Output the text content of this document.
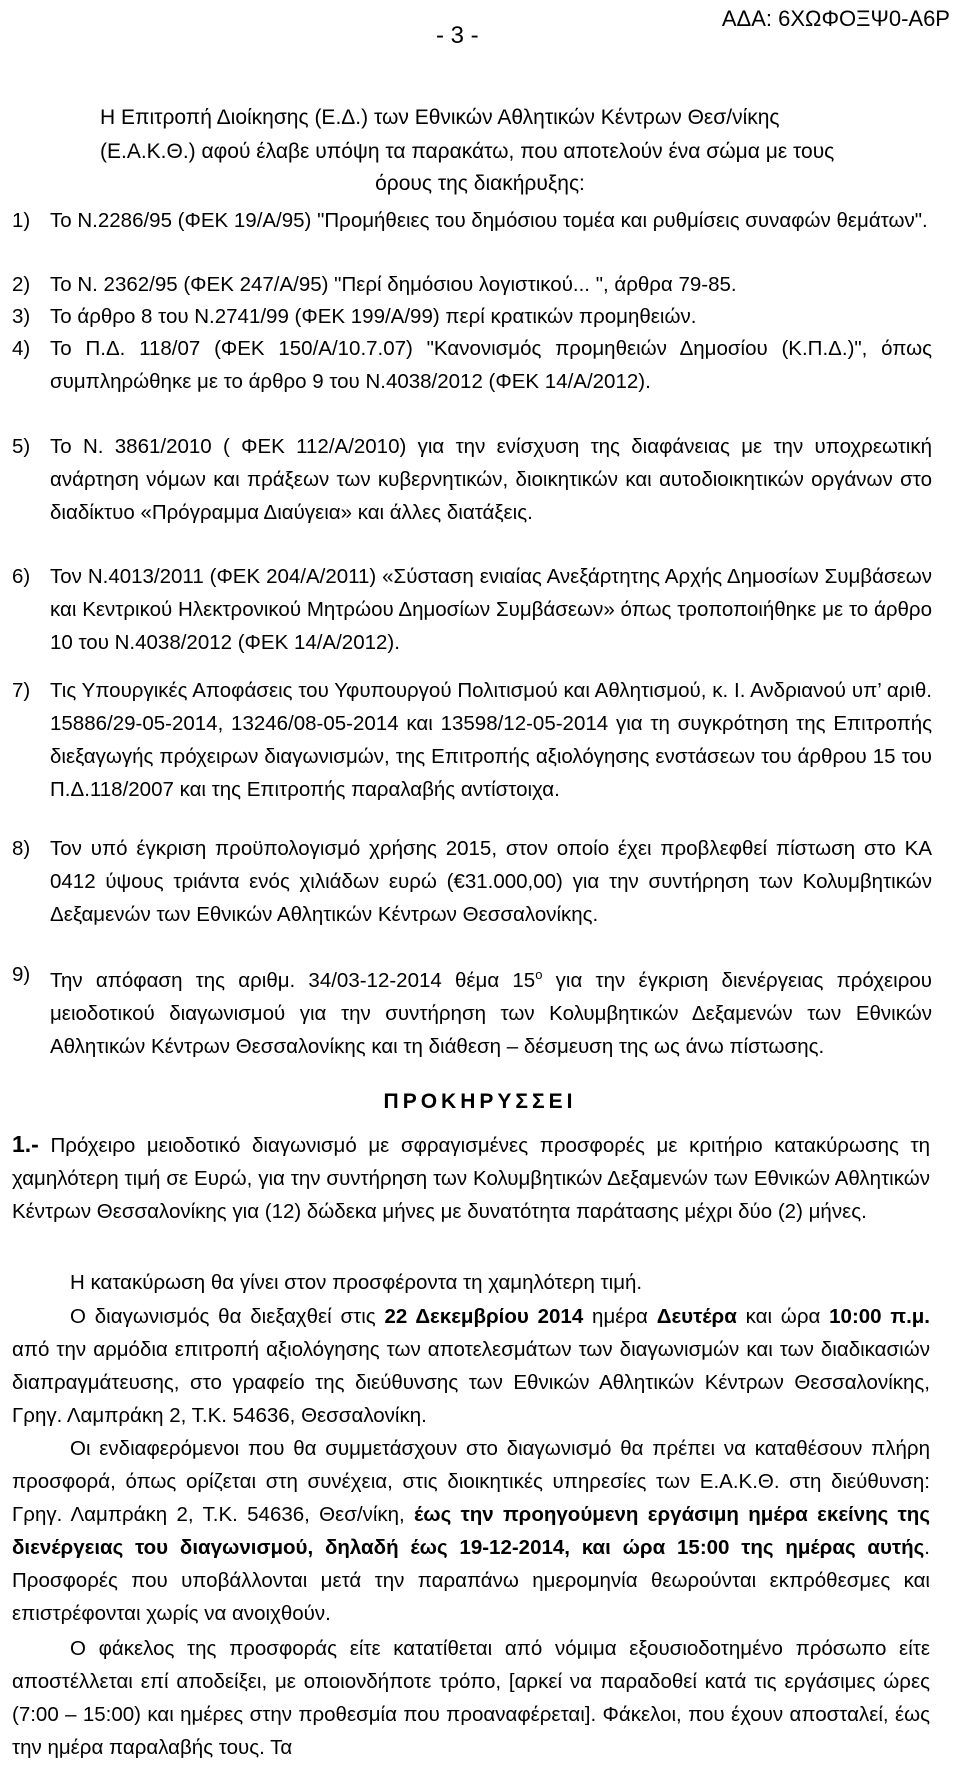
- 3 -
ΑΔΑ: 6ΧΩΦΟΞΨ0-Α6Ρ
Η Επιτροπή Διοίκησης (Ε.Δ.) των Εθνικών Αθλητικών Κέντρων Θεσ/νίκης
(Ε.Α.Κ.Θ.) αφού έλαβε υπόψη τα παρακάτω, που αποτελούν ένα σώμα με τους
όρους της διακήρυξης:
1) Το Ν.2286/95 (ΦΕΚ 19/Α/95) "Προμήθειες του δημόσιου τομέα και ρυθμίσεις συναφών θεμάτων".
2) Το Ν. 2362/95 (ΦΕΚ 247/Α/95) "Περί δημόσιου λογιστικού... ", άρθρα 79-85.
3) Το άρθρο 8 του Ν.2741/99 (ΦΕΚ 199/Α/99) περί κρατικών προμηθειών.
4) Το Π.Δ. 118/07 (ΦΕΚ 150/Α/10.7.07) "Κανονισμός προμηθειών Δημοσίου (Κ.Π.Δ.)", όπως συμπληρώθηκε με το άρθρο 9 του Ν.4038/2012 (ΦΕΚ 14/Α/2012).
5) Το Ν. 3861/2010 ( ΦΕΚ 112/Α/2010) για την ενίσχυση της διαφάνειας με την υποχρεωτική ανάρτηση νόμων και πράξεων των κυβερνητικών, διοικητικών και αυτοδιοικητικών οργάνων στο διαδίκτυο «Πρόγραμμα Διαύγεια» και άλλες διατάξεις.
6) Τον Ν.4013/2011 (ΦΕΚ 204/Α/2011) «Σύσταση ενιαίας Ανεξάρτητης Αρχής Δημοσίων Συμβάσεων και Κεντρικού Ηλεκτρονικού Μητρώου Δημοσίων Συμβάσεων» όπως τροποποιήθηκε με το άρθρο 10 του Ν.4038/2012 (ΦΕΚ 14/Α/2012).
7) Τις Υπουργικές Αποφάσεις του Υφυπουργού Πολιτισμού και Αθλητισμού, κ. Ι. Ανδριανού υπ’ αριθ. 15886/29-05-2014, 13246/08-05-2014 και 13598/12-05-2014 για τη συγκρότηση της Επιτροπής διεξαγωγής πρόχειρων διαγωνισμών, της Επιτροπής αξιολόγησης ενστάσεων του άρθρου 15 του Π.Δ.118/2007 και της Επιτροπής παραλαβής αντίστοιχα.
8) Τον υπό έγκριση προϋπολογισμό χρήσης 2015, στον οποίο έχει προβλεφθεί πίστωση στο ΚΑ 0412 ύψους τριάντα ενός χιλιάδων ευρώ (€31.000,00) για την συντήρηση των Κολυμβητικών Δεξαμενών των Εθνικών Αθλητικών Κέντρων Θεσσαλονίκης.
9) Την απόφαση της αριθμ. 34/03-12-2014 θέμα $15^o$ για την έγκριση διενέργειας πρόχειρου μειοδοτικού διαγωνισμού για την συντήρηση των Κολυμβητικών Δεξαμενών των Εθνικών Αθλητικών Κέντρων Θεσσαλονίκης και τη διάθεση – δέσμευση της ως άνω πίστωσης.
ΠΡΟΚΗΡΥΣΣΕΙ
1.- Πρόχειρο μειοδοτικό διαγωνισμό με σφραγισμένες προσφορές με κριτήριο κατακύρωσης τη χαμηλότερη τιμή σε Ευρώ, για την συντήρηση των Κολυμβητικών Δεξαμενών των Εθνικών Αθλητικών Κέντρων Θεσσαλονίκης για (12) δώδεκα μήνες με δυνατότητα παράτασης μέχρι δύο (2) μήνες.
Η κατακύρωση θα γίνει στον προσφέροντα τη χαμηλότερη τιμή.
Ο διαγωνισμός θα διεξαχθεί στις 22 Δεκεμβρίου 2014 ημέρα Δευτέρα και ώρα 10:00 π.μ. από την αρμόδια επιτροπή αξιολόγησης των αποτελεσμάτων των διαγωνισμών και των διαδικασιών διαπραγμάτευσης, στο γραφείο της διεύθυνσης των Εθνικών Αθλητικών Κέντρων Θεσσαλονίκης, Γρηγ. Λαμπράκη 2, Τ.Κ. 54636, Θεσσαλονίκη.
Οι ενδιαφερόμενοι που θα συμμετάσχουν στο διαγωνισμό θα πρέπει να καταθέσουν πλήρη προσφορά, όπως ορίζεται στη συνέχεια, στις διοικητικές υπηρεσίες των Ε.Α.Κ.Θ. στη διεύθυνση: Γρηγ. Λαμπράκη 2, Τ.Κ. 54636, Θεσ/νίκη, έως την προηγούμενη εργάσιμη ημέρα εκείνης της διενέργειας του διαγωνισμού, δηλαδή έως 19-12-2014, και ώρα 15:00 της ημέρας αυτής. Προσφορές που υποβάλλονται μετά την παραπάνω ημερομηνία θεωρούνται εκπρόθεσμες και επιστρέφονται χωρίς να ανοιχθούν.
Ο φάκελος της προσφοράς είτε κατατίθεται από νόμιμα εξουσιοδοτημένο πρόσωπο είτε αποστέλλεται επί αποδείξει, με οποιονδήποτε τρόπο, [αρκεί να παραδοθεί κατά τις εργάσιμες ώρες (7:00 – 15:00) και ημέρες στην προθεσμία που προαναφέρεται]. Φάκελοι, που έχουν αποσταλεί, έως την ημέρα παραλαβής τους. Τα
